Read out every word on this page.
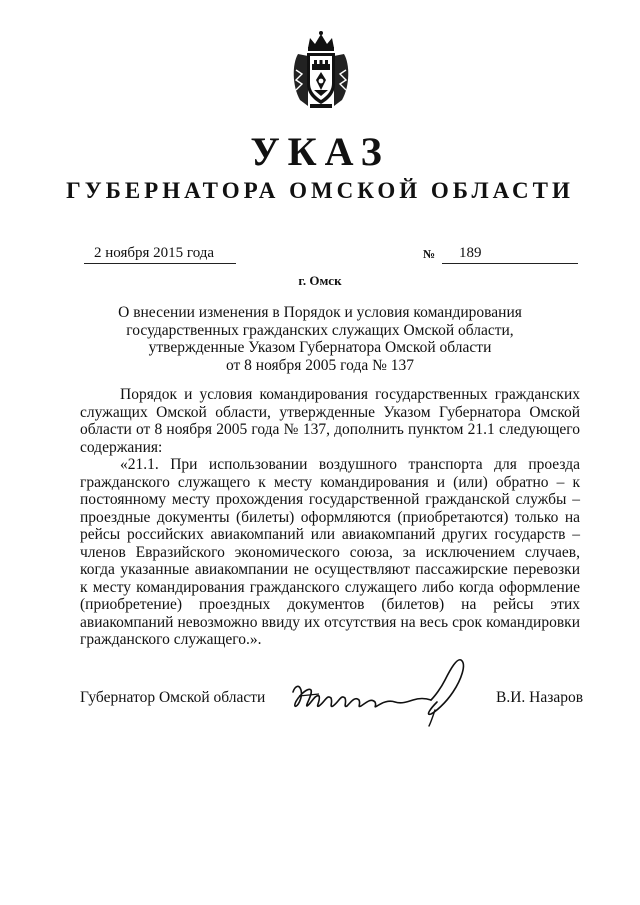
УКАЗ
ГУБЕРНАТОРА ОМСКОЙ ОБЛАСТИ
2 ноября 2015 года	№ 189
г. Омск
О внесении изменения в Порядок и условия командирования
государственных гражданских служащих Омской области,
утвержденные Указом Губернатора Омской области
от 8 ноября 2005 года № 137

Порядок и условия командирования государственных гражданских служащих Омской области, утвержденные Указом Губернатора Омской области от 8 ноября 2005 года № 137, дополнить пунктом 21.1 следующего содержания:

«21.1. При использовании воздушного транспорта для проезда гражданского служащего к месту командирования и (или) обратно – к постоянному месту прохождения государственной гражданской службы – проездные документы (билеты) оформляются (приобретаются) только на рейсы российских авиакомпаний или авиакомпаний других государств – членов Евразийского экономического союза, за исключением случаев, когда указанные авиакомпании не осуществляют пассажирские перевозки к месту командирования гражданского служащего либо когда оформление (приобретение) проездных документов (билетов) на рейсы этих авиакомпаний невозможно ввиду их отсутствия на весь срок командировки гражданского служащего.».

Губернатор Омской области	В.И. Назаров
